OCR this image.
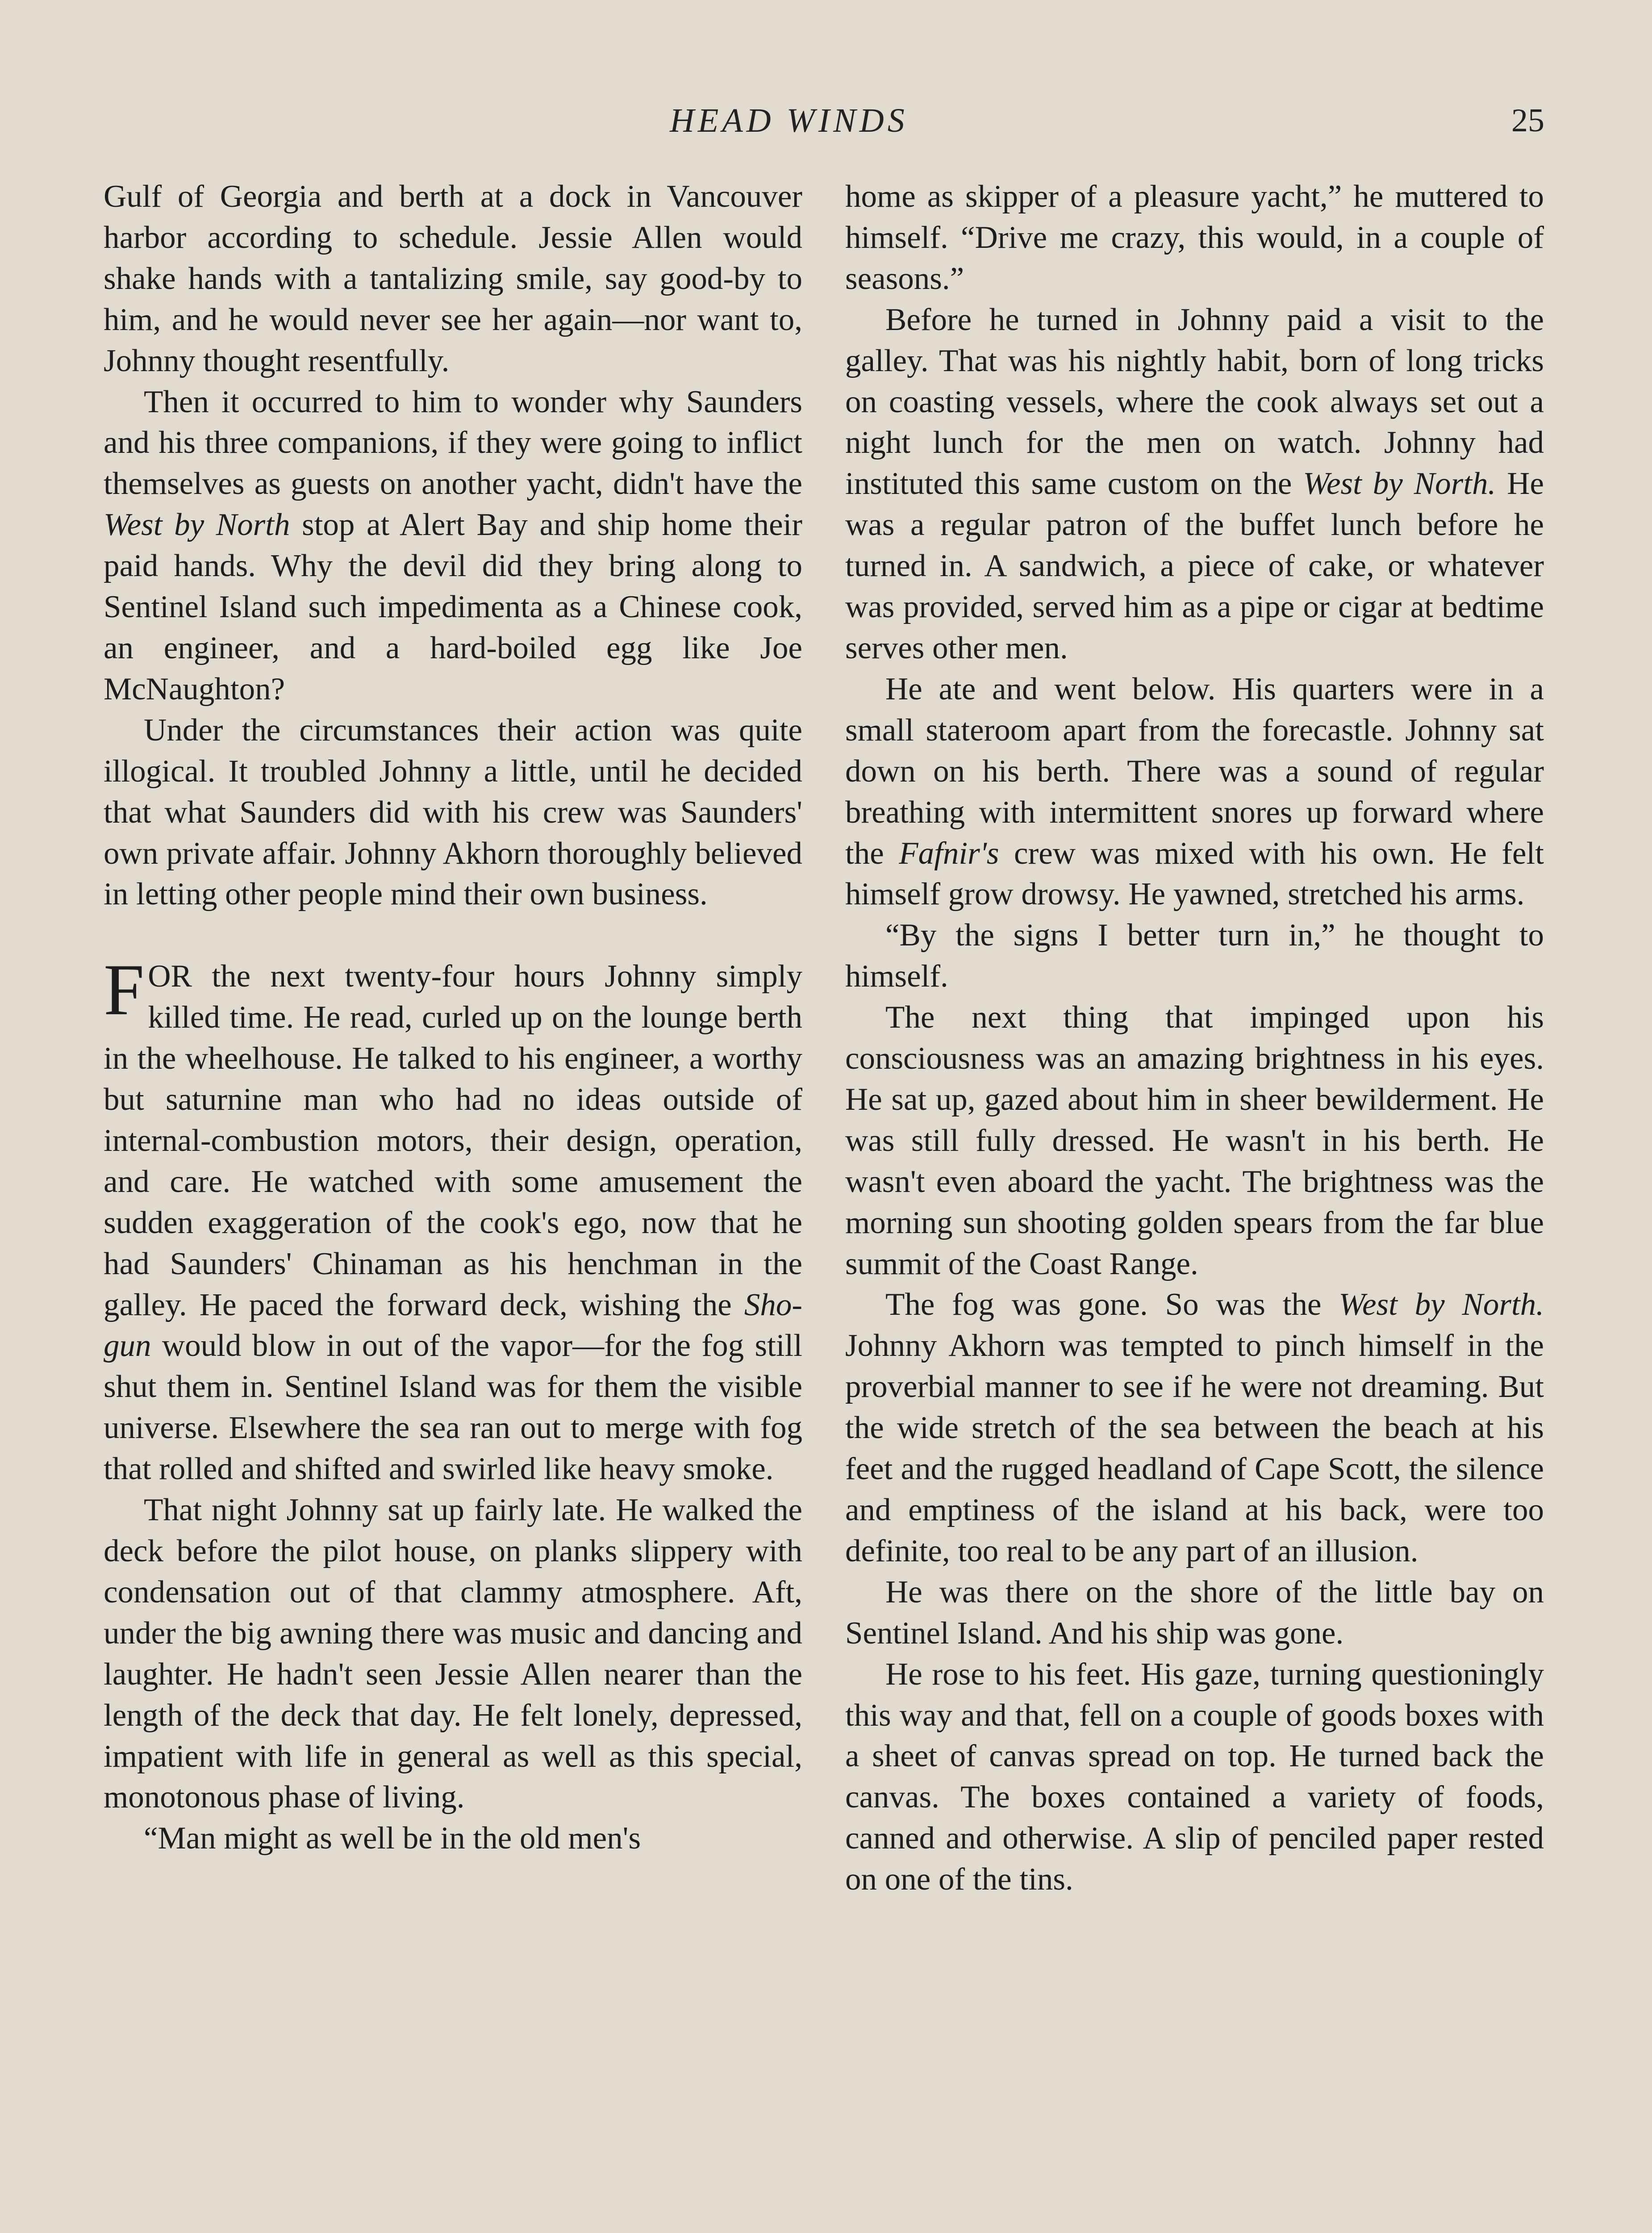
HEAD WINDS	25

Gulf of Georgia and berth at a dock in Vancouver harbor according to schedule. Jessie Allen would shake hands with a tantalizing smile, say good-by to him, and he would never see her again—nor want to, Johnny thought resentfully.

Then it occurred to him to wonder why Saunders and his three companions, if they were going to inflict themselves as guests on another yacht, didn't have the West by North stop at Alert Bay and ship home their paid hands. Why the devil did they bring along to Sentinel Island such impedimenta as a Chinese cook, an engineer, and a hard-boiled egg like Joe McNaughton?

Under the circumstances their action was quite illogical. It troubled Johnny a little, until he decided that what Saunders did with his crew was Saunders' own private affair. Johnny Akhorn thoroughly believed in letting other people mind their own business.

FOR the next twenty-four hours Johnny simply killed time. He read, curled up on the lounge berth in the wheelhouse. He talked to his engineer, a worthy but saturnine man who had no ideas outside of internal-combustion motors, their design, operation, and care. He watched with some amusement the sudden exaggeration of the cook's ego, now that he had Saunders' Chinaman as his henchman in the galley. He paced the forward deck, wishing the Sho-gun would blow in out of the vapor—for the fog still shut them in. Sentinel Island was for them the visible universe. Elsewhere the sea ran out to merge with fog that rolled and shifted and swirled like heavy smoke.

That night Johnny sat up fairly late. He walked the deck before the pilot house, on planks slippery with condensation out of that clammy atmosphere. Aft, under the big awning there was music and dancing and laughter. He hadn't seen Jessie Allen nearer than the length of the deck that day. He felt lonely, depressed, impatient with life in general as well as this special, monotonous phase of living.

“Man might as well be in the old men's

home as skipper of a pleasure yacht,” he muttered to himself. “Drive me crazy, this would, in a couple of seasons.”

Before he turned in Johnny paid a visit to the galley. That was his nightly habit, born of long tricks on coasting vessels, where the cook always set out a night lunch for the men on watch. Johnny had instituted this same custom on the West by North. He was a regular patron of the buffet lunch before he turned in. A sandwich, a piece of cake, or whatever was provided, served him as a pipe or cigar at bedtime serves other men.

He ate and went below. His quarters were in a small stateroom apart from the forecastle. Johnny sat down on his berth. There was a sound of regular breathing with intermittent snores up forward where the Fafnir's crew was mixed with his own. He felt himself grow drowsy. He yawned, stretched his arms.

“By the signs I better turn in,” he thought to himself.

The next thing that impinged upon his consciousness was an amazing brightness in his eyes. He sat up, gazed about him in sheer bewilderment. He was still fully dressed. He wasn't in his berth. He wasn't even aboard the yacht. The brightness was the morning sun shooting golden spears from the far blue summit of the Coast Range.

The fog was gone. So was the West by North. Johnny Akhorn was tempted to pinch himself in the proverbial manner to see if he were not dreaming. But the wide stretch of the sea between the beach at his feet and the rugged headland of Cape Scott, the silence and emptiness of the island at his back, were too definite, too real to be any part of an illusion.

He was there on the shore of the little bay on Sentinel Island. And his ship was gone.

He rose to his feet. His gaze, turning questioningly this way and that, fell on a couple of goods boxes with a sheet of canvas spread on top. He turned back the canvas. The boxes contained a variety of foods, canned and otherwise. A slip of penciled paper rested on one of the tins.
